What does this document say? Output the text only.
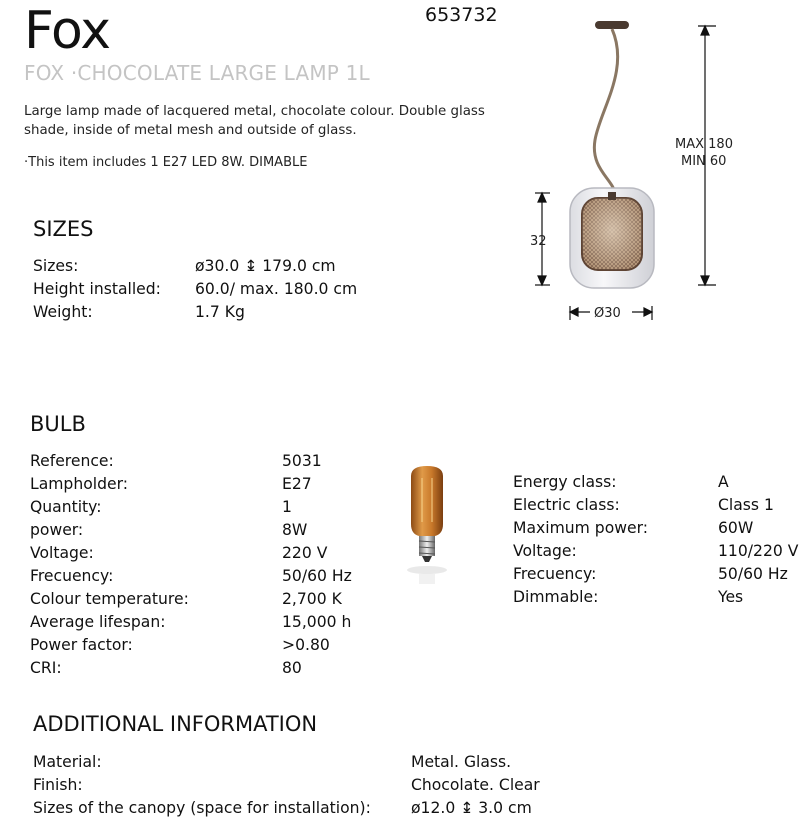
Fox	653732
FOX ·CHOCOLATE LARGE LAMP 1L
Large lamp made of lacquered metal, chocolate colour. Double glass shade, inside of metal mesh and outside of glass.
·This item includes 1 E27 LED 8W. DIMABLE
MAX 180
MIN 60
32
Ø30
SIZES
Sizes:	ø30.0 ↨ 179.0 cm
Height installed: 60.0/ max. 180.0 cm
Weight:	1.7 Kg
BULB
Reference:	5031
Lampholder:	E27
Quantity:	1
power:	8W
Voltage:	220 V
Frecuency:	50/60 Hz
Colour temperature:	2,700 K
Average lifespan:	15,000 h
Power factor:	>0.80
CRI:	80
Energy class:	A
Electric class:	Class 1
Maximum power:	60W
Voltage:	110/220 V
Frecuency:	50/60 Hz
Dimmable:	Yes
ADDITIONAL INFORMATION
Material:	Metal. Glass.
Finish:	Chocolate. Clear
Sizes of the canopy (space for installation):	ø12.0 ↨ 3.0 cm
